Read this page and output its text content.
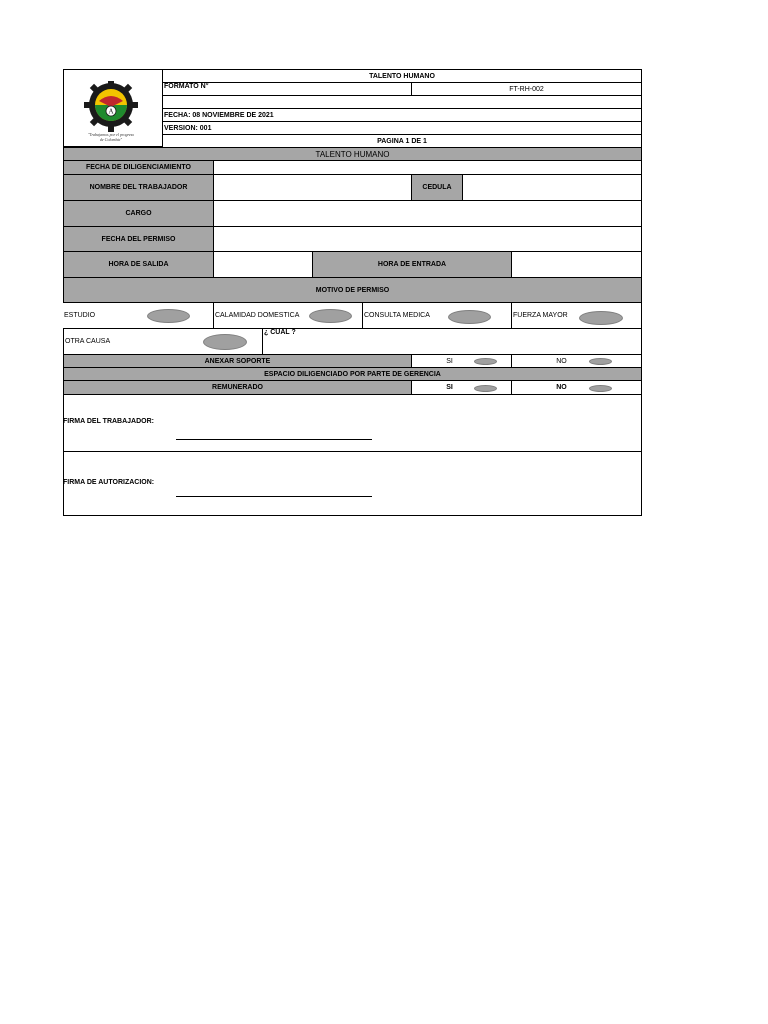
A
"Trabajamos por el progreso
de Colombia"
TALENTO HUMANO
FORMATO N°	FT-RH-002
FECHA: 08 NOVIEMBRE DE 2021
VERSION: 001
PAGINA 1 DE 1
TALENTO HUMANO
FECHA DE DILIGENCIAMIENTO
NOMBRE DEL TRABAJADOR	CEDULA
CARGO
FECHA DEL PERMISO
HORA DE SALIDA	HORA DE ENTRADA
MOTIVO DE PERMISO
ESTUDIO	CALAMIDAD DOMESTICA	CONSULTA MEDICA	FUERZA MAYOR
OTRA CAUSA
¿ CUAL ?
ANEXAR SOPORTE	SI	NO
ESPACIO DILIGENCIADO POR PARTE DE GERENCIA
REMUNERADO	SI	NO
FIRMA DEL TRABAJADOR:
FIRMA DE AUTORIZACION:
